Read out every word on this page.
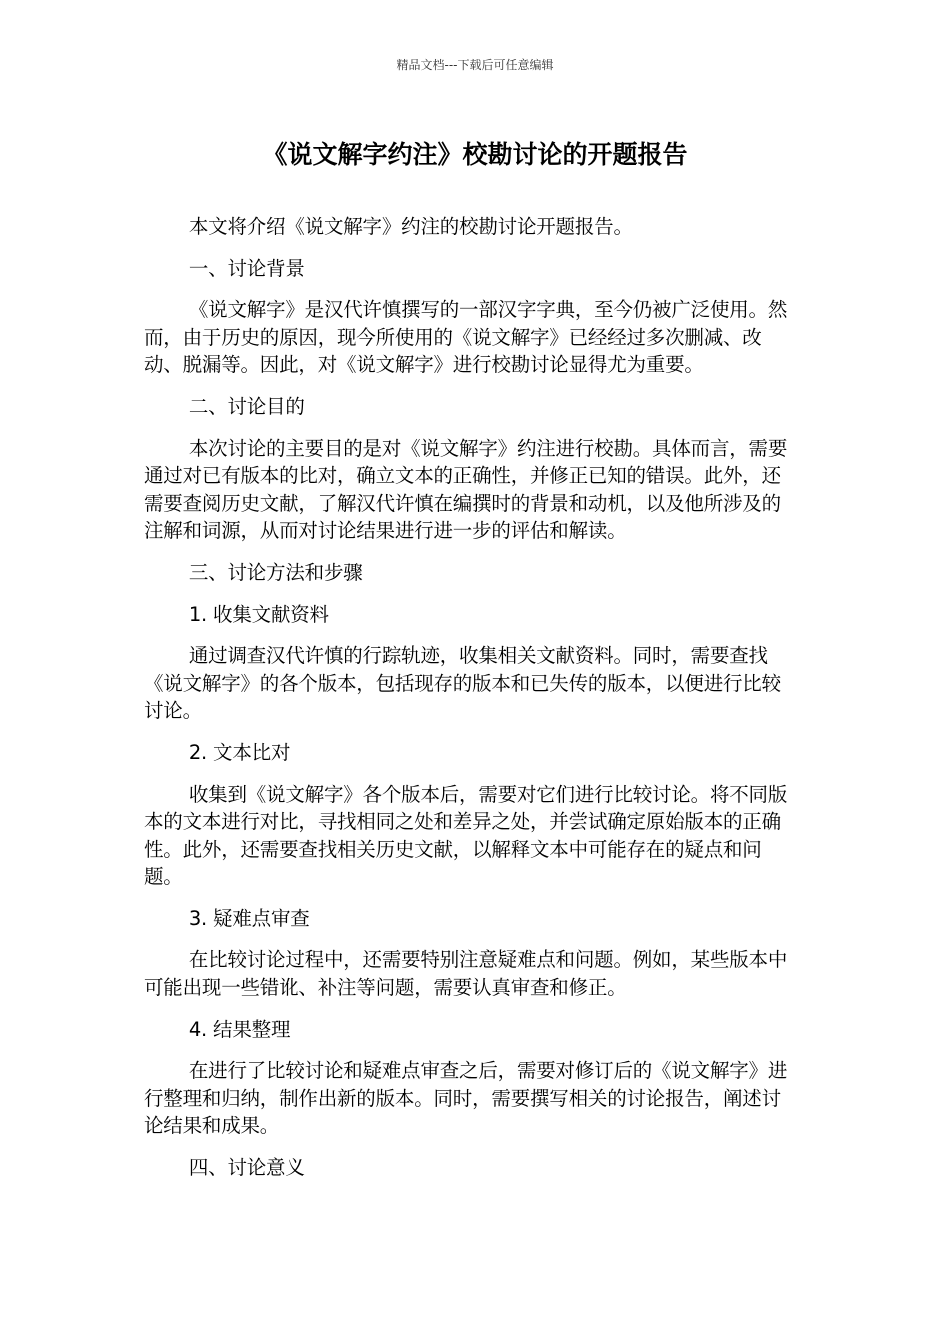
精品文档---下载后可任意编辑
《说文解字约注》校勘讨论的开题报告

本文将介绍《说文解字》约注的校勘讨论开题报告。

一、讨论背景

《说文解字》是汉代许慎撰写的一部汉字字典，至今仍被广泛使用。然而，由于历史的原因，现今所使用的《说文解字》已经经过多次删减、改动、脱漏等。因此，对《说文解字》进行校勘讨论显得尤为重要。

二、讨论目的

本次讨论的主要目的是对《说文解字》约注进行校勘。具体而言，需要通过对已有版本的比对，确立文本的正确性，并修正已知的错误。此外，还需要查阅历史文献，了解汉代许慎在编撰时的背景和动机，以及他所涉及的注解和词源，从而对讨论结果进行进一步的评估和解读。

三、讨论方法和步骤

1. 收集文献资料

通过调查汉代许慎的行踪轨迹，收集相关文献资料。同时，需要查找《说文解字》的各个版本，包括现存的版本和已失传的版本，以便进行比较讨论。

2. 文本比对

收集到《说文解字》各个版本后，需要对它们进行比较讨论。将不同版本的文本进行对比，寻找相同之处和差异之处，并尝试确定原始版本的正确性。此外，还需要查找相关历史文献，以解释文本中可能存在的疑点和问题。

3. 疑难点审查

在比较讨论过程中，还需要特别注意疑难点和问题。例如，某些版本中可能出现一些错讹、补注等问题，需要认真审查和修正。

4. 结果整理

在进行了比较讨论和疑难点审查之后，需要对修订后的《说文解字》进行整理和归纳，制作出新的版本。同时，需要撰写相关的讨论报告，阐述讨论结果和成果。

四、讨论意义
